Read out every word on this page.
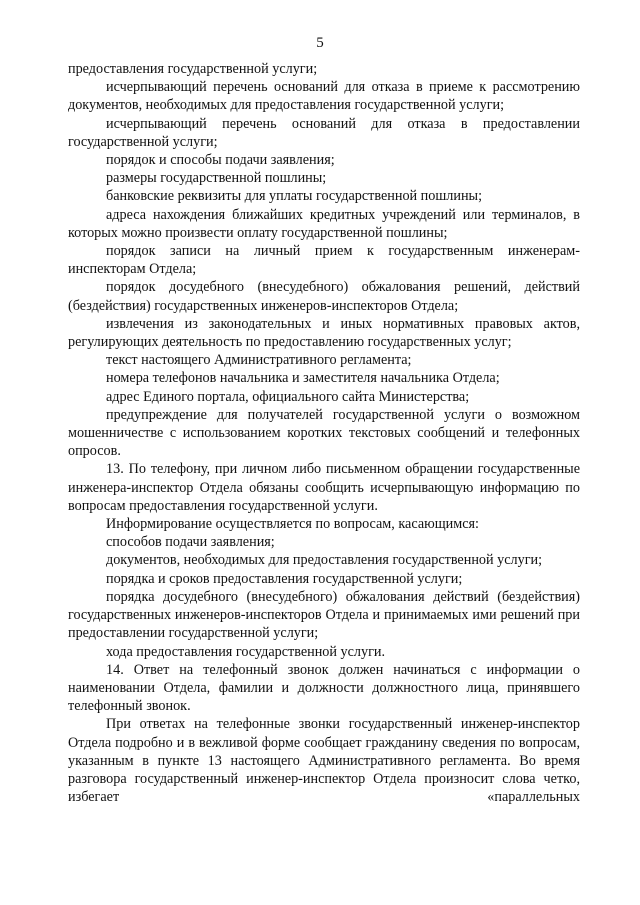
5

предоставления государственной услуги;

исчерпывающий перечень оснований для отказа в приеме к рассмотрению документов, необходимых для предоставления государственной услуги;

исчерпывающий перечень оснований для отказа в предоставлении государственной услуги;

порядок и способы подачи заявления;

размеры государственной пошлины;

банковские реквизиты для уплаты государственной пошлины;

адреса нахождения ближайших кредитных учреждений или терминалов, в которых можно произвести оплату государственной пошлины;

порядок записи на личный прием к государственным инженерам-инспекторам Отдела;

порядок досудебного (внесудебного) обжалования решений, действий (бездействия) государственных инженеров-инспекторов Отдела;

извлечения из законодательных и иных нормативных правовых актов, регулирующих деятельность по предоставлению государственных услуг;

текст настоящего Административного регламента;

номера телефонов начальника и заместителя начальника Отдела;

адрес Единого портала, официального сайта Министерства;

предупреждение для получателей государственной услуги о возможном мошенничестве с использованием коротких текстовых сообщений и телефонных опросов.

13. По телефону, при личном либо письменном обращении государственные инженера-инспектор Отдела обязаны сообщить исчерпывающую информацию по вопросам предоставления государственной услуги.

Информирование осуществляется по вопросам, касающимся:

способов подачи заявления;

документов, необходимых для предоставления государственной услуги;

порядка и сроков предоставления государственной услуги;

порядка досудебного (внесудебного) обжалования действий (бездействия) государственных инженеров-инспекторов Отдела и принимаемых ими решений при предоставлении государственной услуги;

хода предоставления государственной услуги.

14. Ответ на телефонный звонок должен начинаться с информации о наименовании Отдела, фамилии и должности должностного лица, принявшего телефонный звонок.

При ответах на телефонные звонки государственный инженер-инспектор Отдела подробно и в вежливой форме сообщает гражданину сведения по вопросам, указанным в пункте 13 настоящего Административного регламента. Во время разговора государственный инженер-инспектор Отдела произносит слова четко, избегает «параллельных
